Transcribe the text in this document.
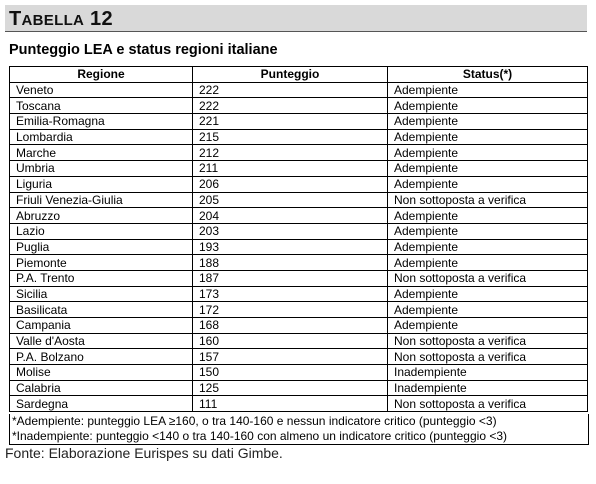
TABELLA 12
Punteggio LEA e status regioni italiane
Regione	Punteggio	Status(*)
Veneto	222	Adempiente
Toscana	222	Adempiente
Emilia-Romagna	221	Adempiente
Lombardia	215	Adempiente
Marche	212	Adempiente
Umbria	211	Adempiente
Liguria	206	Adempiente
Friuli Venezia-Giulia	205	Non sottoposta a verifica
Abruzzo	204	Adempiente
Lazio	203	Adempiente
Puglia	193	Adempiente
Piemonte	188	Adempiente
P.A. Trento	187	Non sottoposta a verifica
Sicilia	173	Adempiente
Basilicata	172	Adempiente
Campania	168	Adempiente
Valle d'Aosta	160	Non sottoposta a verifica
P.A. Bolzano	157	Non sottoposta a verifica
Molise	150	Inadempiente
Calabria	125	Inadempiente
Sardegna	111	Non sottoposta a verifica
*Adempiente: punteggio LEA ≥160, o tra 140-160 e nessun indicatore critico (punteggio <3)
*Inadempiente: punteggio <140 o tra 140-160 con almeno un indicatore critico (punteggio <3)
Fonte: Elaborazione Eurispes su dati Gimbe.
